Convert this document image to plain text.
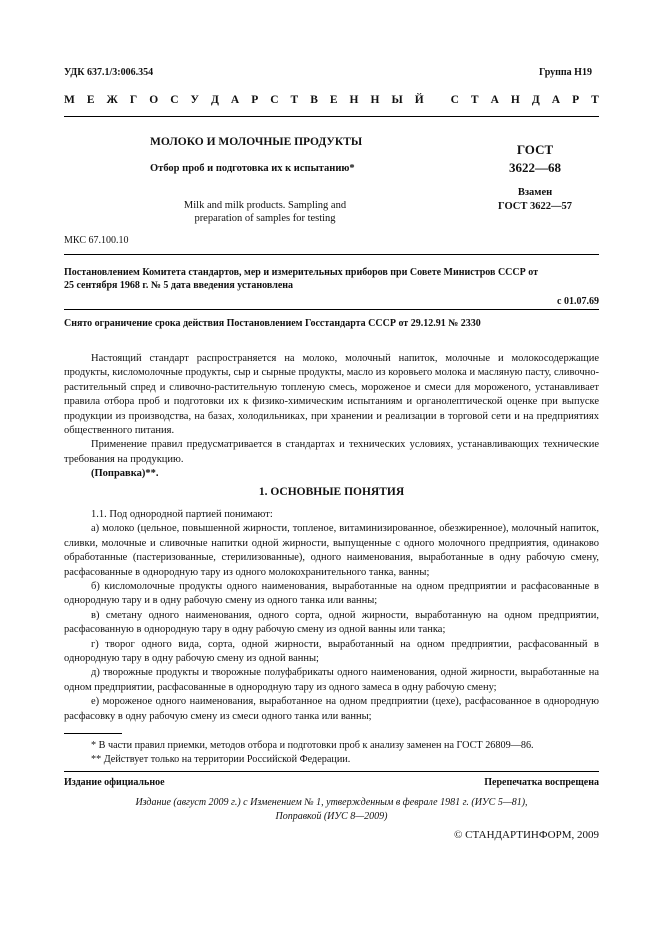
УДК 637.1/3:006.354	Группа Н19
М Е Ж Г О С У Д А Р С Т В Е Н Н Ы Й
С Т А Н Д А Р Т
МОЛОКО И МОЛОЧНЫЕ ПРОДУКТЫ
Отбор проб и подготовка их к испытанию*
ГОСТ
3622—68
Взамен
ГОСТ 3622—57
Milk and milk products. Sampling and
preparation of samples for testing
МКС 67.100.10
Постановлением Комитета стандартов, мер и измерительных приборов при Совете Министров СССР от
25 сентября 1968 г. № 5 дата введения установлена
с 01.07.69
Снято ограничение срока действия Постановлением Госстандарта СССР от 29.12.91 № 2330

Настоящий стандарт распространяется на молоко, молочный напиток, молочные и молокосодержащие продукты, кисломолочные продукты, сыр и сырные продукты, масло из коровьего молока и масляную пасту, сливочно-растительный спред и сливочно-растительную топленую смесь, мороженое и смеси для мороженого, устанавливает правила отбора проб и подготовки их к физико-химическим испытаниям и органолептической оценке при выпуске продукции из производства, на базах, холодильниках, при хранении и реализации в торговой сети и на предприятиях общественного питания.

Применение правил предусматривается в стандартах и технических условиях, устанавливающих технические требования на продукцию.

(Поправка)**.

1. ОСНОВНЫЕ ПОНЯТИЯ

1.1. Под однородной партией понимают:

а) молоко (цельное, повышенной жирности, топленое, витаминизированное, обезжиренное), молочный напиток, сливки, молочные и сливочные напитки одной жирности, выпущенные с одного молочного предприятия, одинаково обработанные (пастеризованные, стерилизованные), одного наименования, выработанные в одну рабочую смену, расфасованные в однородную тару из одного молокохранительного танка, ванны;

б) кисломолочные продукты одного наименования, выработанные на одном предприятии и расфасованные в однородную тару и в одну рабочую смену из одного танка или ванны;

в) сметану одного наименования, одного сорта, одной жирности, выработанную на одном предприятии, расфасованную в однородную тару в одну рабочую смену из одной ванны или танка;

г) творог одного вида, сорта, одной жирности, выработанный на одном предприятии, расфасованный в однородную тару в одну рабочую смену из одной ванны;

д) творожные продукты и творожные полуфабрикаты одного наименования, одной жирности, выработанные на одном предприятии, расфасованные в однородную тару из одного замеса в одну рабочую смену;

е) мороженое одного наименования, выработанное на одном предприятии (цехе), расфасованное в однородную расфасовку в одну рабочую смену из смеси одного танка или ванны;

* В части правил приемки, методов отбора и подготовки проб к анализу заменен на ГОСТ 26809—86.
** Действует только на территории Российской Федерации.
Издание официальное	Перепечатка воспрещена
Издание (август 2009 г.) с Изменением № 1, утвержденным в феврале 1981 г. (ИУС 5—81),
Поправкой (ИУС 8—2009)
© СТАНДАРТИНФОРМ, 2009
